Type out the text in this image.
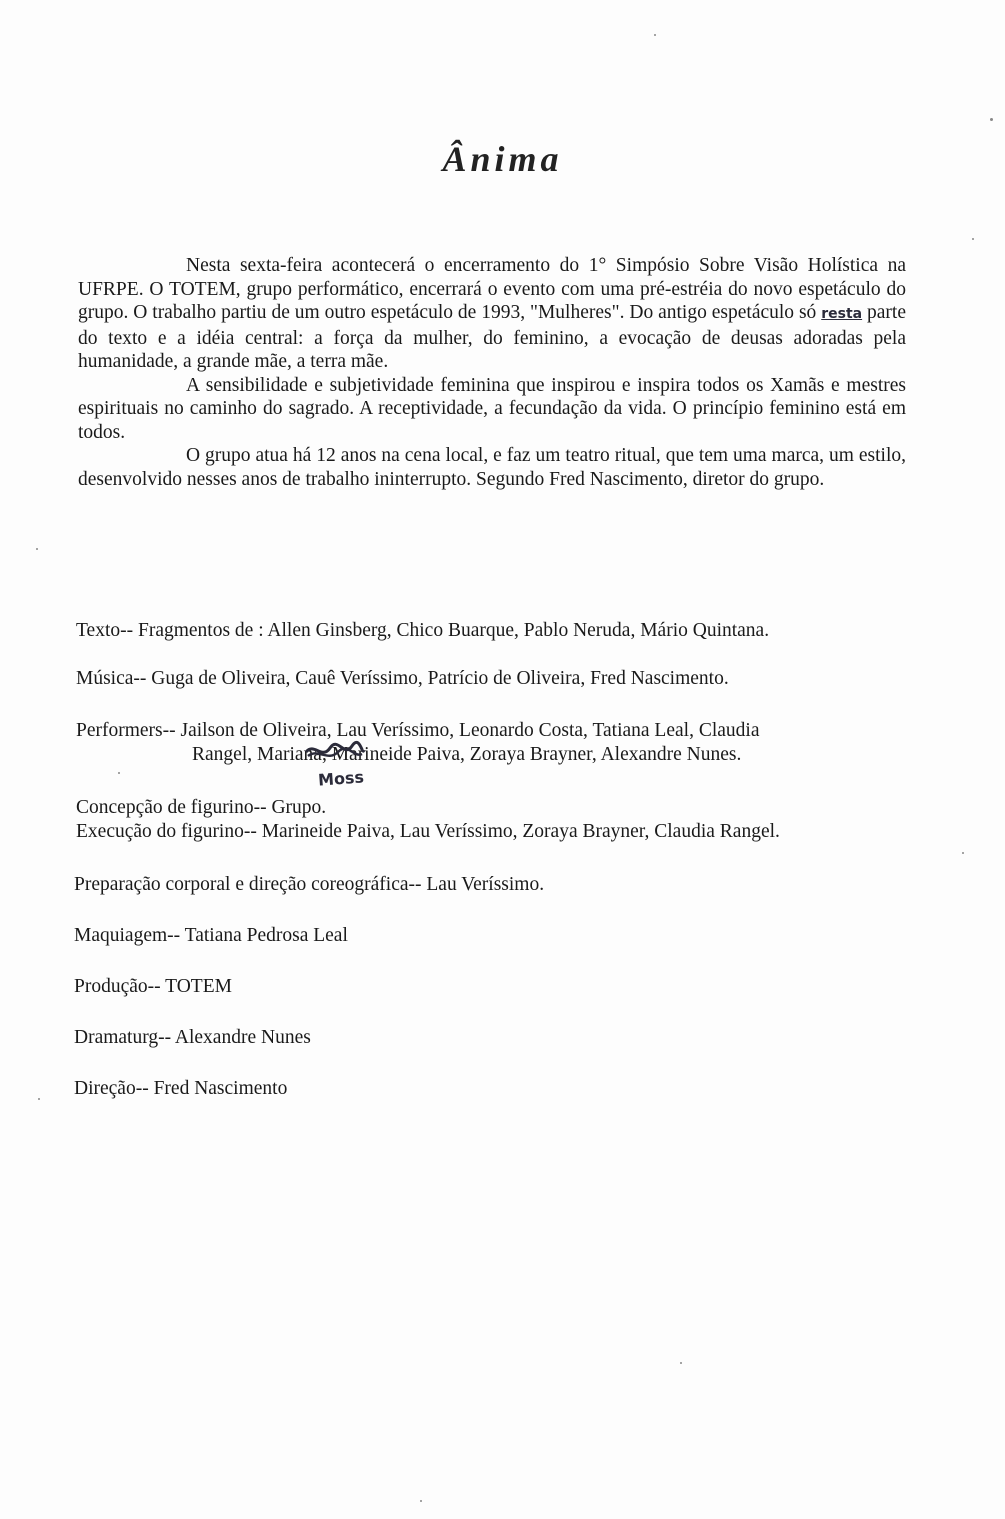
Ânima

Nesta sexta-feira acontecerá o encerramento do 1° Simpósio Sobre Visão Holística na UFRPE. O TOTEM, grupo performático, encerrará o evento com uma pré-estréia do novo espetáculo do grupo. O trabalho partiu de um outro espetáculo de 1993, "Mulheres". Do antigo espetáculo só resta parte do texto e a idéia central: a força da mulher, do feminino, a evocação de deusas adoradas pela humanidade, a grande mãe, a terra mãe.

A sensibilidade e subjetividade feminina que inspirou e inspira todos os Xamãs e mestres espirituais no caminho do sagrado. A receptividade, a fecundação da vida. O princípio feminino está em todos.

O grupo atua há 12 anos na cena local, e faz um teatro ritual, que tem uma marca, um estilo, desenvolvido nesses anos de trabalho ininterrupto. Segundo Fred Nascimento, diretor do grupo.

Texto-- Fragmentos de : Allen Ginsberg, Chico Buarque, Pablo Neruda, Mário Quintana.
Música-- Guga de Oliveira, Cauê Veríssimo, Patrício de Oliveira, Fred Nascimento.
Performers-- Jailson de Oliveira, Lau Veríssimo, Leonardo Costa, Tatiana Leal, Claudia
Rangel, Mariana, Marineide Paiva, Zoraya Brayner, Alexandre Nunes.
Moss
Concepção de figurino-- Grupo.
Execução do figurino-- Marineide Paiva, Lau Veríssimo, Zoraya Brayner, Claudia Rangel.
Preparação corporal e direção coreográfica-- Lau Veríssimo.
Maquiagem-- Tatiana Pedrosa Leal
Produção-- TOTEM
Dramaturg-- Alexandre Nunes
Direção-- Fred Nascimento
